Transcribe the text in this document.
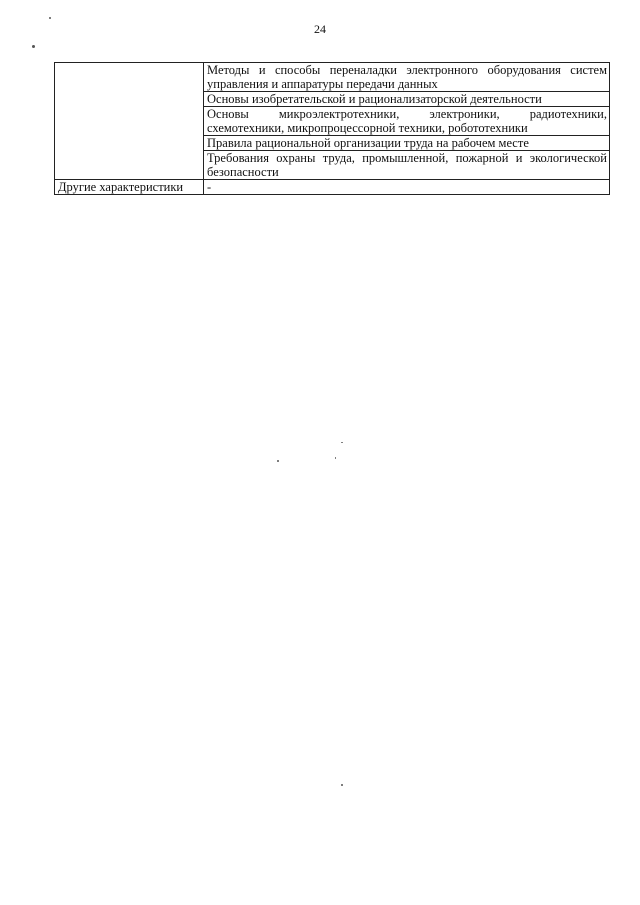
24

	Методы и способы переналадки электронного оборудования систем
управления и аппаратуры передачи данных

	Основы изобретательской и рационализаторской деятельности

	Основы микроэлектротехники, электроники, радиотехники,
схемотехники, микропроцессорной техники, робототехники

	Правила рациональной организации труда на рабочем месте

	Требования охраны труда, промышленной, пожарной и экологической
безопасности

Другие характеристики	-
